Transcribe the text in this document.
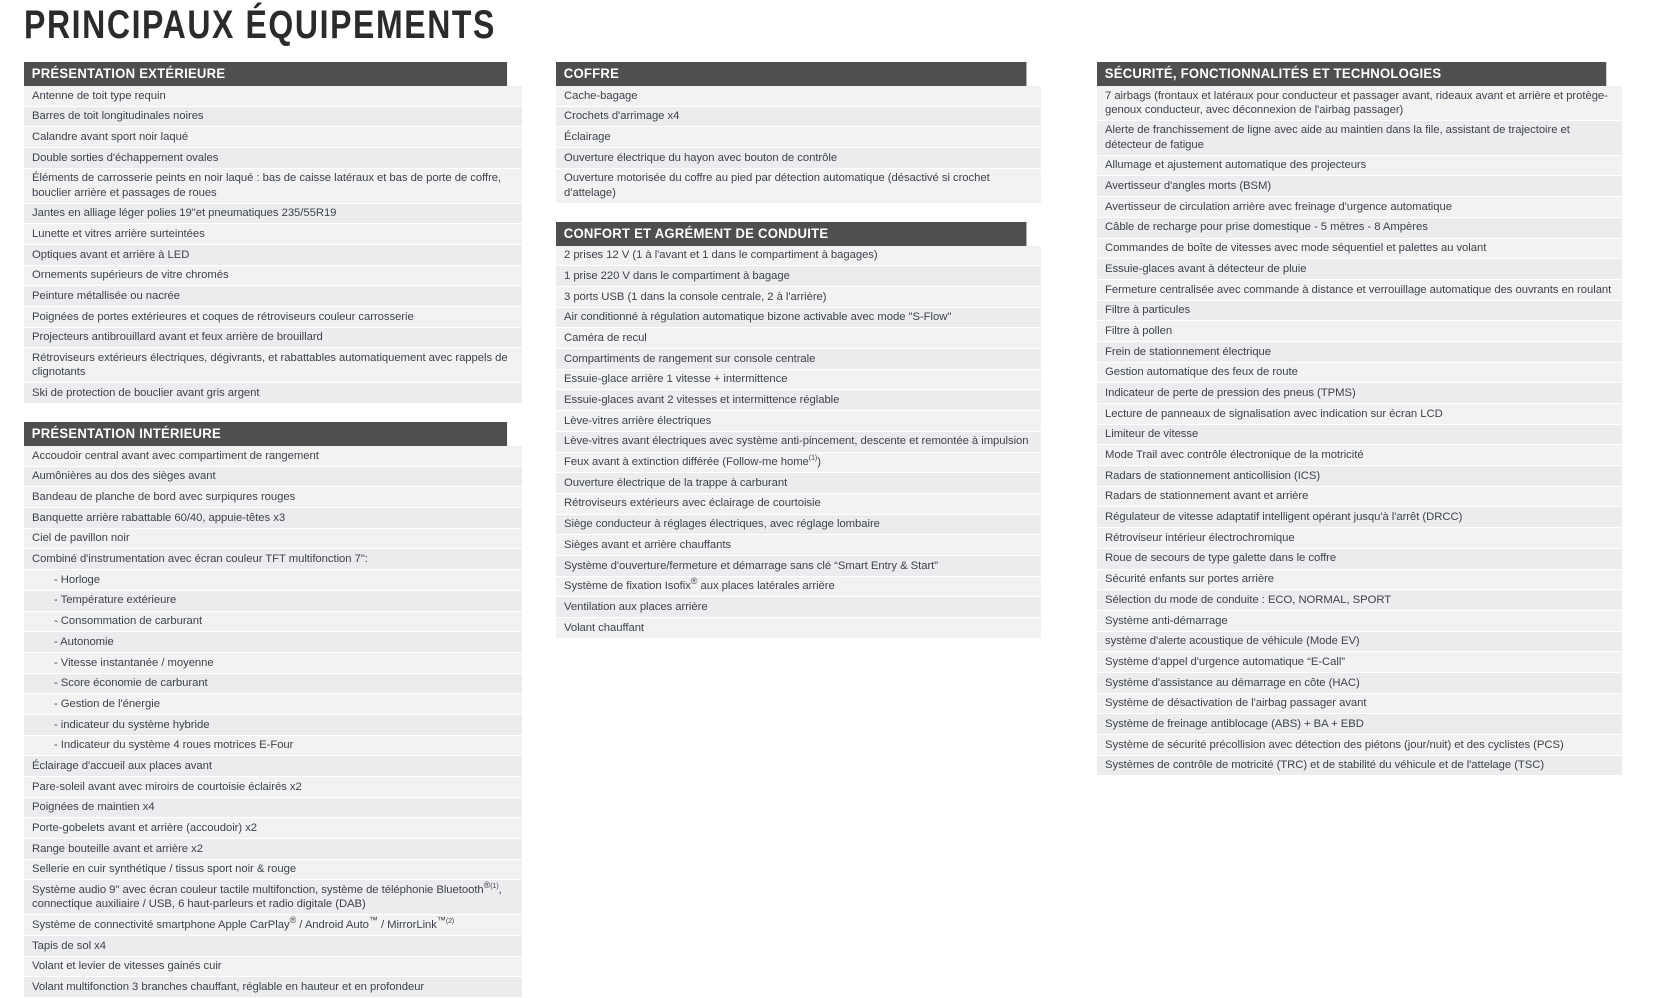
PRINCIPAUX ÉQUIPEMENTS
PRÉSENTATION EXTÉRIEURE
Antenne de toit type requin
Barres de toit longitudinales noires
Calandre avant sport noir laqué
Double sorties d'échappement ovales
Éléments de carrosserie peints en noir laqué : bas de caisse latéraux et bas de porte de coffre, bouclier arrière et passages de roues
Jantes en alliage léger polies 19"et pneumatiques 235/55R19
Lunette et vitres arrière surteintées
Optiques avant et arrière à LED
Ornements supérieurs de vitre chromés
Peinture métallisée ou nacrée
Poignées de portes extérieures et coques de rétroviseurs couleur carrosserie
Projecteurs antibrouillard avant et feux arrière de brouillard
Rétroviseurs extérieurs électriques, dégivrants, et rabattables automatiquement avec rappels de clignotants
Ski de protection de bouclier avant gris argent
PRÉSENTATION INTÉRIEURE
Accoudoir central avant avec compartiment de rangement
Aumônières au dos des sièges avant
Bandeau de planche de bord avec surpiqures rouges
Banquette arrière rabattable 60/40, appuie-têtes x3
Ciel de pavillon noir
Combiné d'instrumentation avec écran couleur TFT multifonction 7":
- Horloge
- Température extérieure
- Consommation de carburant
- Autonomie
- Vitesse instantanée / moyenne
- Score économie de carburant
- Gestion de l'énergie
- indicateur du système hybride
- Indicateur du système 4 roues motrices E-Four
Éclairage d'accueil aux places avant
Pare-soleil avant avec miroirs de courtoisie éclairés x2
Poignées de maintien x4
Porte-gobelets avant et arrière (accoudoir) x2
Range bouteille avant et arrière x2
Sellerie en cuir synthétique / tissus sport noir & rouge
Système audio 9" avec écran couleur tactile multifonction, système de téléphonie Bluetooth$^{®(1)}$, connectique auxiliaire / USB, 6 haut-parleurs et radio digitale (DAB)
Système de connectivité smartphone Apple CarPlay® / Android Auto™ / MirrorLink$^{™(2)}$
Tapis de sol x4
Volant et levier de vitesses gainés cuir
Volant multifonction 3 branches chauffant, réglable en hauteur et en profondeur
COFFRE
Cache-bagage
Crochets d'arrimage x4
Éclairage
Ouverture électrique du hayon avec bouton de contrôle
Ouverture motorisée du coffre au pied par détection automatique (désactivé si crochet d'attelage)
CONFORT ET AGRÉMENT DE CONDUITE
2 prises 12 V (1 à l'avant et 1 dans le compartiment à bagages)
1 prise 220 V dans le compartiment à bagage
3 ports USB (1 dans la console centrale, 2 à l'arrière)
Air conditionné à régulation automatique bizone activable avec mode "S-Flow"
Caméra de recul
Compartiments de rangement sur console centrale
Essuie-glace arrière 1 vitesse + intermittence
Essuie-glaces avant 2 vitesses et intermittence réglable
Lève-vitres arrière électriques
Lève-vitres avant électriques avec système anti-pincement, descente et remontée à impulsion
Feux avant à extinction différée (Follow-me home$^{(1)}$)
Ouverture électrique de la trappe à carburant
Rétroviseurs extérieurs avec éclairage de courtoisie
Siège conducteur à réglages électriques, avec réglage lombaire
Sièges avant et arrière chauffants
Système d'ouverture/fermeture et démarrage sans clé “Smart Entry & Start”
Système de fixation Isofix® aux places latérales arrière
Ventilation aux places arrière
Volant chauffant
SÉCURITÉ, FONCTIONNALITÉS ET TECHNOLOGIES
7 airbags (frontaux et latéraux pour conducteur et passager avant, rideaux avant et arrière et protège-genoux conducteur, avec déconnexion de l'airbag passager)
Alerte de franchissement de ligne avec aide au maintien dans la file, assistant de trajectoire et détecteur de fatigue
Allumage et ajustement automatique des projecteurs
Avertisseur d'angles morts (BSM)
Avertisseur de circulation arrière avec freinage d'urgence automatique
Câble de recharge pour prise domestique - 5 mètres - 8 Ampères
Commandes de boîte de vitesses avec mode séquentiel et palettes au volant
Essuie-glaces avant à détecteur de pluie
Fermeture centralisée avec commande à distance et verrouillage automatique des ouvrants en roulant
Filtre à particules
Filtre à pollen
Frein de stationnement électrique
Gestion automatique des feux de route
Indicateur de perte de pression des pneus (TPMS)
Lecture de panneaux de signalisation avec indication sur écran LCD
Limiteur de vitesse
Mode Trail avec contrôle électronique de la motricité
Radars de stationnement anticollision (ICS)
Radars de stationnement avant et arrière
Régulateur de vitesse adaptatif intelligent opérant jusqu'à l'arrêt (DRCC)
Rétroviseur intérieur électrochromique
Roue de secours de type galette dans le coffre
Sécurité enfants sur portes arrière
Sélection du mode de conduite : ECO, NORMAL, SPORT
Système anti-démarrage
système d'alerte acoustique de véhicule (Mode EV)
Système d'appel d'urgence automatique “E-Call”
Système d'assistance au démarrage en côte (HAC)
Système de désactivation de l'airbag passager avant
Système de freinage antiblocage (ABS) + BA + EBD
Système de sécurité précollision avec détection des piétons (jour/nuit) et des cyclistes (PCS)
Systèmes de contrôle de motricité (TRC) et de stabilité du véhicule et de l'attelage (TSC)
